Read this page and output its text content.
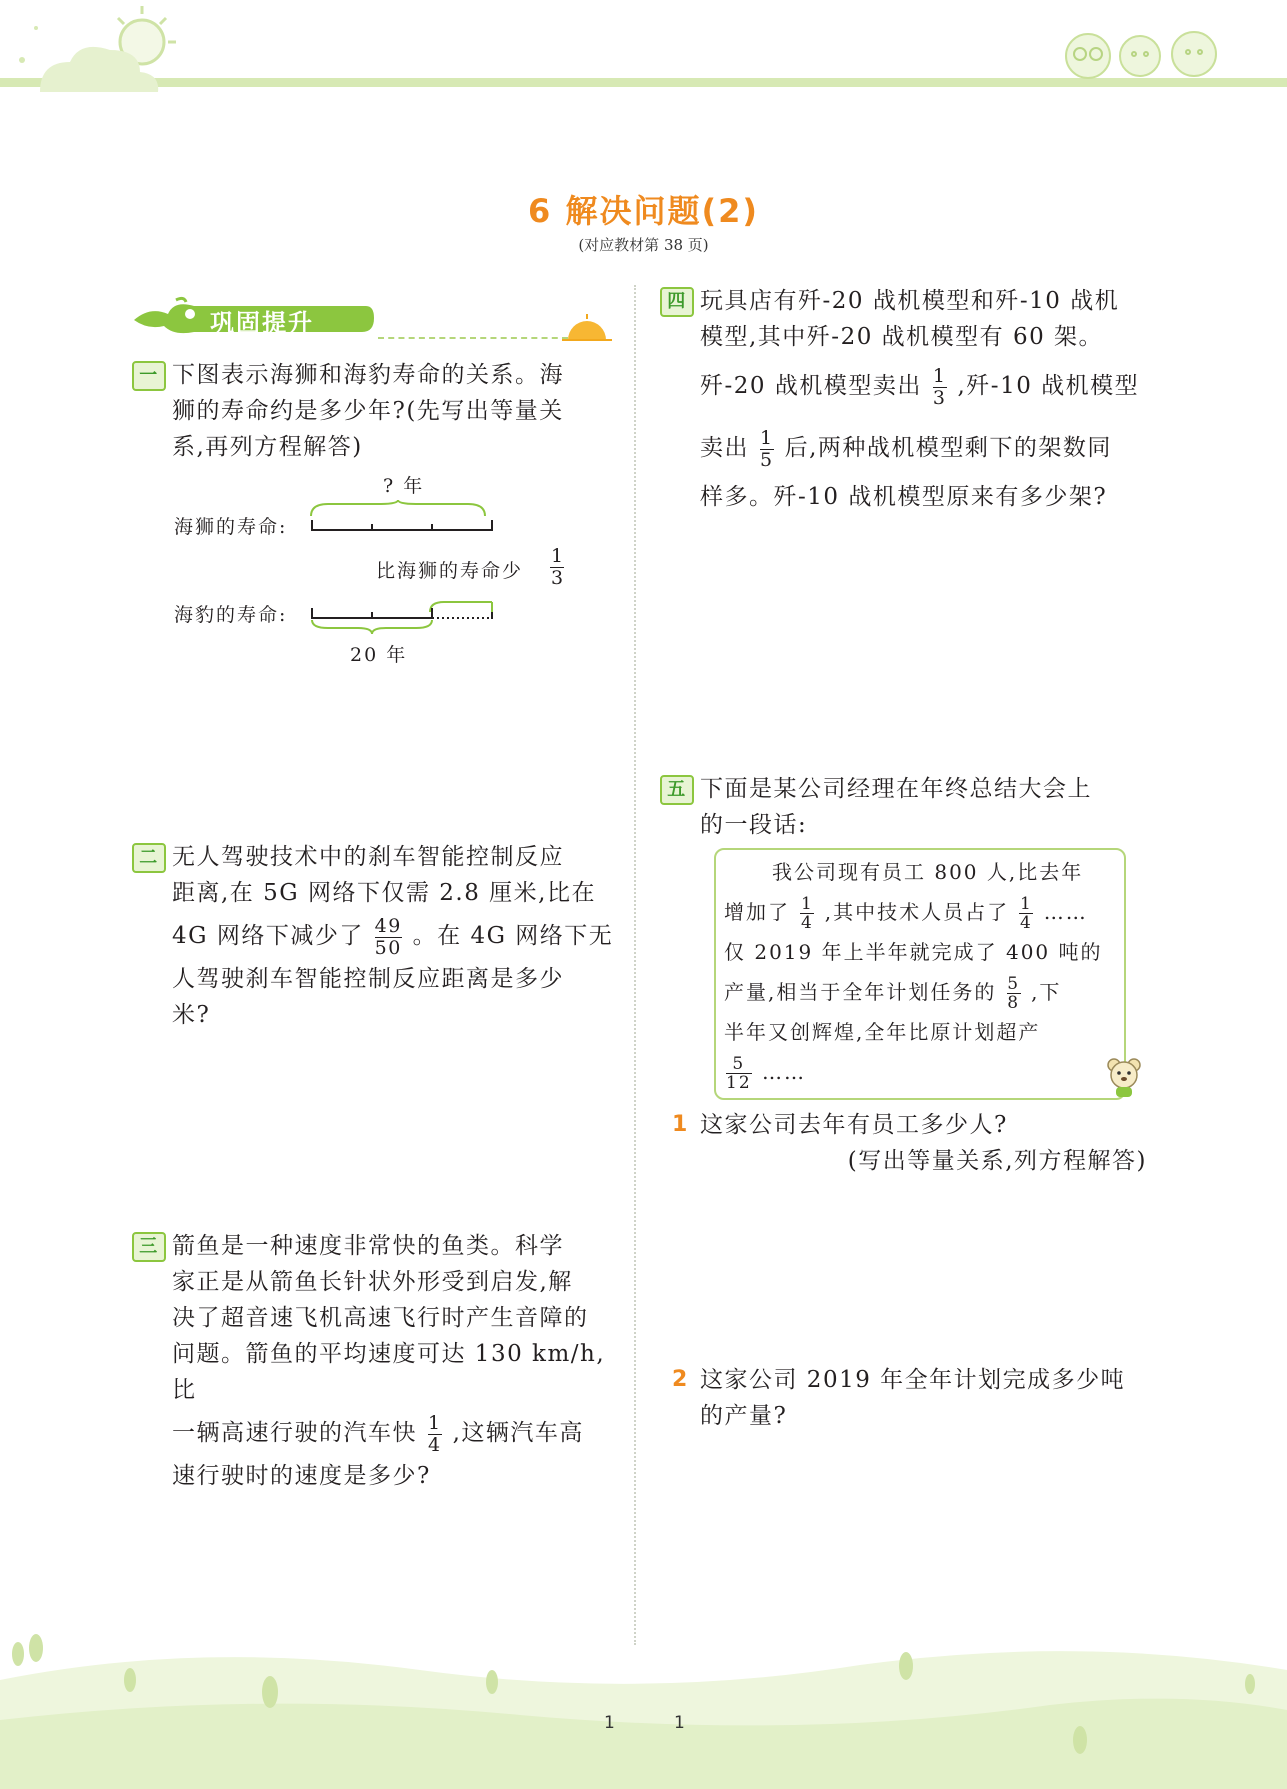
6 解决问题(2)
(对应教材第 38 页)
巩固提升
一 下图表示海狮和海豹寿命的关系。海
狮的寿命约是多少年?(先写出等量关
系,再列方程解答)
? 年
海狮的寿命:
比海狮的寿命少
1
3
海豹的寿命:
20 年
二 无人驾驶技术中的刹车智能控制反应
距离,在 5G 网络下仅需 2.8 厘米,比在
4G 网络下减少了 $\frac{49}{50}$ 。在 4G 网络下无
人驾驶刹车智能控制反应距离是多少
米?
三 箭鱼是一种速度非常快的鱼类。科学
家正是从箭鱼长针状外形受到启发,解
决了超音速飞机高速飞行时产生音障的
问题。箭鱼的平均速度可达 130 km/h,比
一辆高速行驶的汽车快 $\frac{1}{4}$ ,这辆汽车高
速行驶时的速度是多少?
四 玩具店有歼-20 战机模型和歼-10 战机
模型,其中歼-20 战机模型有 60 架。
歼-20 战机模型卖出 $\frac{1}{3}$ ,歼-10 战机模型
卖出 $\frac{1}{5}$ 后,两种战机模型剩下的架数同
样多。歼-10 战机模型原来有多少架?
五 下面是某公司经理在年终总结大会上
的一段话:
我公司现有员工 800 人,比去年
增加了 $\frac{1}{4}$ ,其中技术人员占了 $\frac{1}{4}$ ……
仅 2019 年上半年就完成了 400 吨的
产量,相当于全年计划任务的 $\frac{5}{8}$ ,下
半年又创辉煌,全年比原计划超产
$\frac{5}{12}$ ……
1 这家公司去年有员工多少人?
(写出等量关系,列方程解答)
2 这家公司 2019 年全年计划完成多少吨
的产量?
1	1
